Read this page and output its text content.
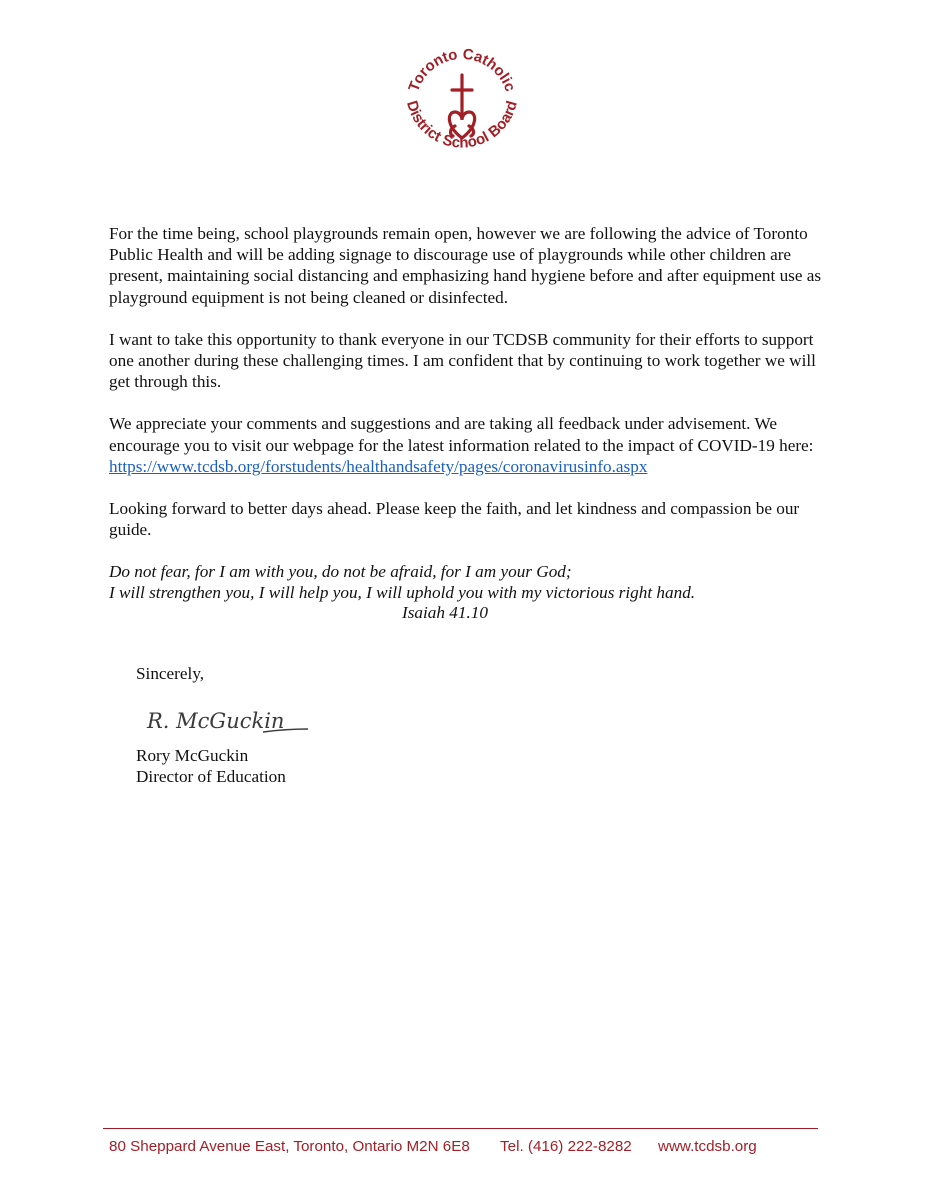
Toronto Catholic
District School Board

For the time being, school playgrounds remain open, however we are following the advice of Toronto Public Health and will be adding signage to discourage use of playgrounds while other children are present, maintaining social distancing and emphasizing hand hygiene before and after equipment use as playground equipment is not being cleaned or disinfected.

I want to take this opportunity to thank everyone in our TCDSB community for their efforts to support one another during these challenging times. I am confident that by continuing to work together we will get through this.

We appreciate your comments and suggestions and are taking all feedback under advisement. We encourage you to visit our webpage for the latest information related to the impact of COVID-19 here: https://www.tcdsb.org/forstudents/healthandsafety/pages/coronavirusinfo.aspx

Looking forward to better days ahead. Please keep the faith, and let kindness and compassion be our guide.

Do not fear, for I am with you, do not be afraid, for I am your God;
I will strengthen you, I will help you, I will uphold you with my victorious right hand.
Isaiah 41.10
Sincerely,
R. McGuckin
Rory McGuckin
Director of Education
80 Sheppard Avenue East, Toronto, Ontario M2N 6E8 Tel. (416) 222-8282 www.tcdsb.org
